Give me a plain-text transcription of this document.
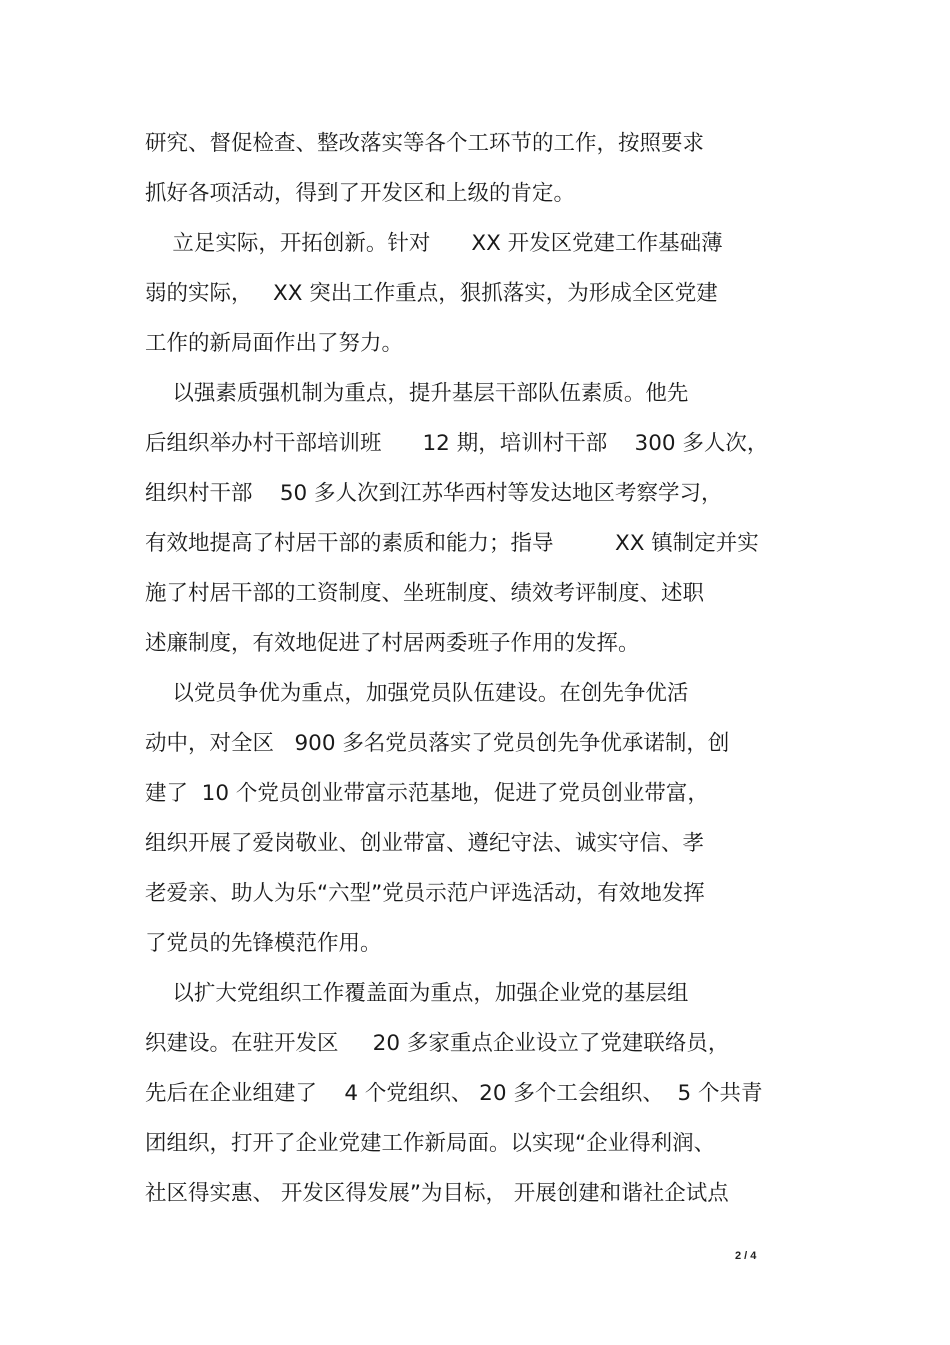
研究、督促检查、整改落实等各个工环节的工作，按照要求

抓好各项活动，得到了开发区和上级的肯定。

立足实际，开拓创新。针对      XX 开发区党建工作基础薄

弱的实际，   XX 突出工作重点，狠抓落实，为形成全区党建

工作的新局面作出了努力。

以强素质强机制为重点，提升基层干部队伍素质。他先

后组织举办村干部培训班      12 期，培训村干部    300 多人次，

组织村干部    50 多人次到江苏华西村等发达地区考察学习，

有效地提高了村居干部的素质和能力；指导         XX 镇制定并实

施了村居干部的工资制度、坐班制度、绩效考评制度、述职

述廉制度，有效地促进了村居两委班子作用的发挥。

以党员争优为重点，加强党员队伍建设。在创先争优活

动中，对全区   900 多名党员落实了党员创先争优承诺制，创

建了  10 个党员创业带富示范基地，促进了党员创业带富，

组织开展了爱岗敬业、创业带富、遵纪守法、诚实守信、孝

老爱亲、助人为乐“六型”党员示范户评选活动，有效地发挥

了党员的先锋模范作用。

以扩大党组织工作覆盖面为重点，加强企业党的基层组

织建设。在驻开发区     20 多家重点企业设立了党建联络员，

先后在企业组建了    4 个党组织、 20 多个工会组织、  5 个共青

团组织，打开了企业党建工作新局面。以实现“企业得利润、

社区得实惠、 开发区得发展”为目标， 开展创建和谐社企试点

2 / 4
